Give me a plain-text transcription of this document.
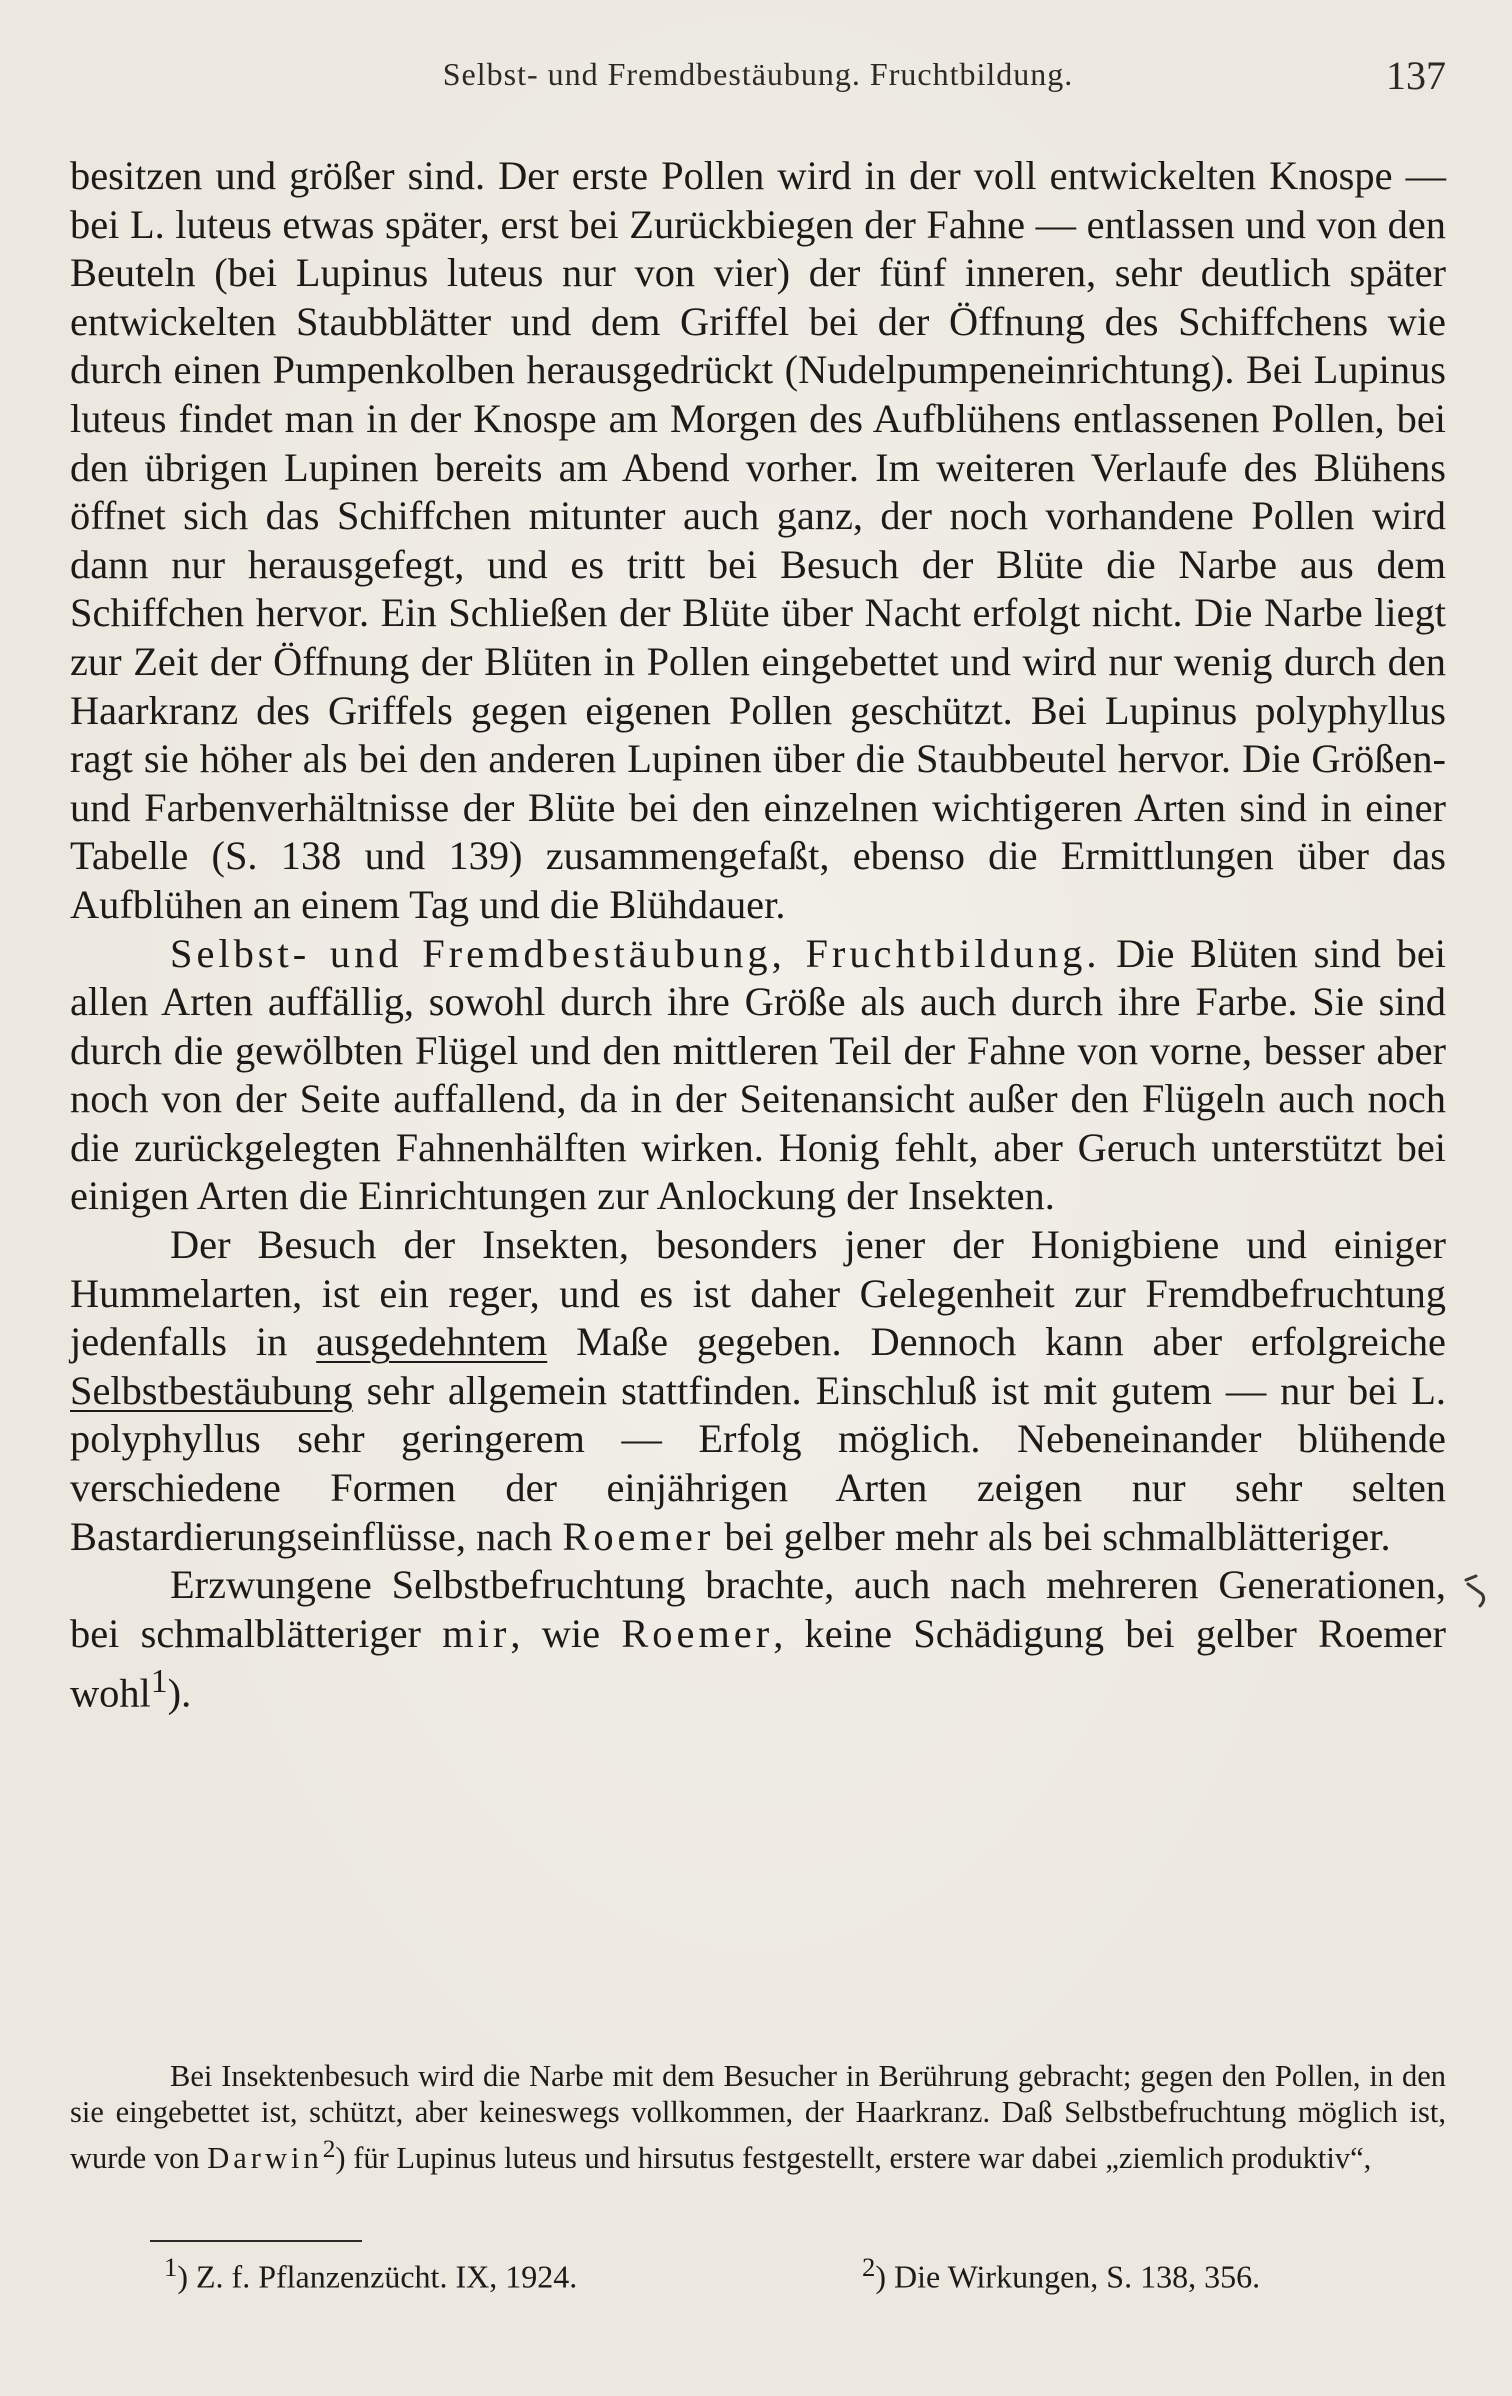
Selbst- und Fremdbestäubung. Fruchtbildung.	137

besitzen und größer sind. Der erste Pollen wird in der voll entwickelten Knospe — bei L. luteus etwas später, erst bei Zurückbiegen der Fahne — entlassen und von den Beuteln (bei Lupinus luteus nur von vier) der fünf inneren, sehr deutlich später entwickelten Staubblätter und dem Griffel bei der Öffnung des Schiffchens wie durch einen Pumpenkolben herausgedrückt (Nudelpumpeneinrichtung). Bei Lupinus luteus findet man in der Knospe am Morgen des Aufblühens entlassenen Pollen, bei den übrigen Lupinen bereits am Abend vorher. Im weiteren Verlaufe des Blühens öffnet sich das Schiffchen mitunter auch ganz, der noch vorhandene Pollen wird dann nur herausgefegt, und es tritt bei Besuch der Blüte die Narbe aus dem Schiffchen hervor. Ein Schließen der Blüte über Nacht erfolgt nicht. Die Narbe liegt zur Zeit der Öffnung der Blüten in Pollen eingebettet und wird nur wenig durch den Haarkranz des Griffels gegen eigenen Pollen geschützt. Bei Lupinus polyphyllus ragt sie höher als bei den anderen Lupinen über die Staubbeutel hervor. Die Größen- und Farbenverhältnisse der Blüte bei den einzelnen wichtigeren Arten sind in einer Tabelle (S. 138 und 139) zusammengefaßt, ebenso die Ermittlungen über das Aufblühen an einem Tag und die Blühdauer.

Selbst- und Fremdbestäubung, Fruchtbildung. Die Blüten sind bei allen Arten auffällig, sowohl durch ihre Größe als auch durch ihre Farbe. Sie sind durch die gewölbten Flügel und den mittleren Teil der Fahne von vorne, besser aber noch von der Seite auffallend, da in der Seitenansicht außer den Flügeln auch noch die zurückgelegten Fahnenhälften wirken. Honig fehlt, aber Geruch unterstützt bei einigen Arten die Einrichtungen zur Anlockung der Insekten.

Der Besuch der Insekten, besonders jener der Honigbiene und einiger Hummelarten, ist ein reger, und es ist daher Gelegenheit zur Fremdbefruchtung jedenfalls in ausgedehntem Maße gegeben. Dennoch kann aber erfolgreiche Selbstbestäubung sehr allgemein stattfinden. Einschluß ist mit gutem — nur bei L. polyphyllus sehr geringerem — Erfolg möglich. Nebeneinander blühende verschiedene Formen der einjährigen Arten zeigen nur sehr selten Bastardierungseinflüsse, nach Roemer bei gelber mehr als bei schmalblätteriger.

Erzwungene Selbstbefruchtung brachte, auch nach mehreren Generationen, bei schmalblätteriger mir, wie Roemer, keine Schädigung bei gelber Roemer wohl$^1$).

Bei Insektenbesuch wird die Narbe mit dem Besucher in Berührung gebracht; gegen den Pollen, in den sie eingebettet ist, schützt, aber keineswegs vollkommen, der Haarkranz. Daß Selbstbefruchtung möglich ist, wurde von Darwin$^2$) für Lupinus luteus und hirsutus festgestellt, erstere war dabei „ziemlich produktiv“,

$^1$) Z. f. Pflanzenzücht. IX, 1924.	$^2$) Die Wirkungen, S. 138, 356.
